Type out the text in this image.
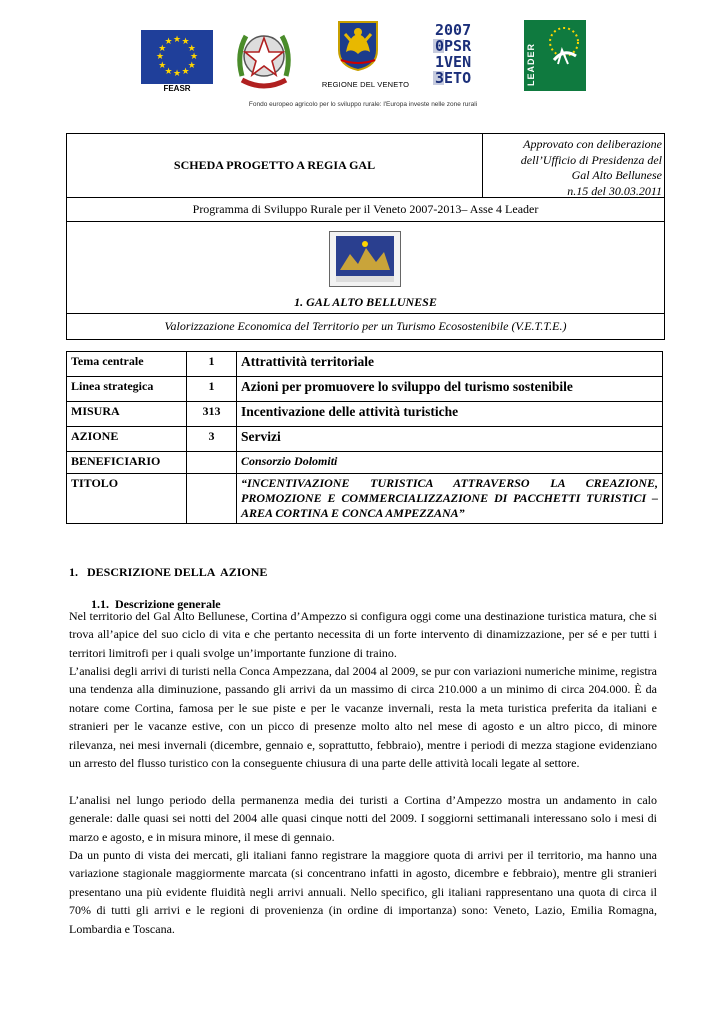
★ ★
★
★
★
★
★
★
★
★
★
★
FEASR	REGIONE DEL VENETO
2007
0PSR
1VEN
3ETO	LEADER
Fondo europeo agricolo per lo sviluppo rurale: l'Europa investe nelle zone rurali
SCHEDA PROGETTO A REGIA GAL
Approvato con deliberazione
dell’Ufficio di Presidenza del
Gal Alto Bellunese
n.15 del 30.03.2011
Programma di Sviluppo Rurale per il Veneto 2007-2013– Asse 4 Leader
1. GAL ALTO BELLUNESE
Valorizzazione Economica del Territorio per un Turismo Ecosostenibile (V.E.T.T.E.)
Tema centrale	1	Attrattività territoriale
Linea strategica	1	Azioni per promuovere lo sviluppo del turismo sostenibile
MISURA	313	Incentivazione delle attività turistiche
AZIONE	3	Servizi
BENEFICIARIO		Consorzio Dolomiti
TITOLO		“INCENTIVAZIONE TURISTICA ATTRAVERSO LA CREAZIONE, PROMOZIONE E COMMERCIALIZZAZIONE DI PACCHETTI TURISTICI – AREA CORTINA E CONCA AMPEZZANA”
1.   DESCRIZIONE DELLA  AZIONE
1.1.  Descrizione generale

Nel territorio del Gal Alto Bellunese, Cortina d’Ampezzo si configura oggi come una destinazione turistica matura, che si trova all’apice del suo ciclo di vita e che pertanto necessita di un forte intervento di dinamizzazione, per sé e per tutti i territori limitrofi per i quali svolge un’importante funzione di traino.

L’analisi degli arrivi di turisti nella Conca Ampezzana, dal 2004 al 2009, se pur con variazioni numeriche minime, registra una tendenza alla diminuzione, passando gli arrivi da un massimo di circa 210.000 a un minimo di circa 204.000. È da notare come Cortina, famosa per le sue piste e per le vacanze invernali, resta la meta turistica preferita da italiani e stranieri per le vacanze estive, con un picco di presenze molto alto nel mese di agosto e un altro picco, di minore rilevanza, nei mesi invernali (dicembre, gennaio e, soprattutto, febbraio), mentre i periodi di mezza stagione evidenziano un arresto del flusso turistico con la conseguente chiusura di una parte delle attività locali legate al settore.

L’analisi nel lungo periodo della permanenza media dei turisti a Cortina d’Ampezzo mostra un andamento in calo generale: dalle quasi sei notti del 2004 alle quasi cinque notti del 2009. I soggiorni settimanali interessano solo i mesi di marzo e agosto, e in misura minore, il mese di gennaio.

Da un punto di vista dei mercati, gli italiani fanno registrare la maggiore quota di arrivi per il territorio, ma hanno una variazione stagionale maggiormente marcata (si concentrano infatti in agosto, dicembre e febbraio), mentre gli stranieri presentano una più evidente fluidità negli arrivi annuali. Nello specifico, gli italiani rappresentano una quota di circa il 70% di tutti gli arrivi e le regioni di provenienza (in ordine di importanza) sono: Veneto, Lazio, Emilia Romagna, Lombardia e Toscana.
